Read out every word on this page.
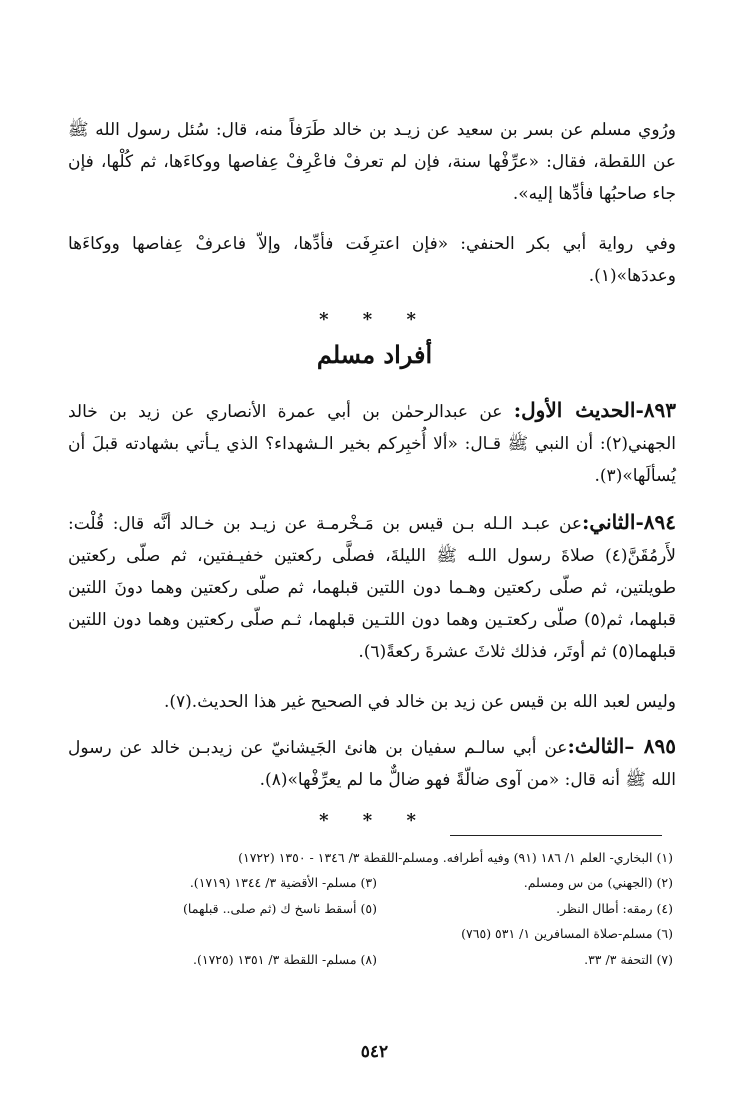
ورُوي مسلم عن بسر بن سعيد عن زيـد بن خالد طَرَفاً منه، قال: سُئل رسول الله ﷺ عن اللقطة، فقال: «عرِّفْها سنة، فإن لم تعرفْ فاعْرِفْ عِفاصها ووكاءَها، ثم كُلْها، فإن جاء صاحبُها فأدِّها إليه».
وفي رواية أبي بكر الحنفي: «فإن اعترِفَت فأدِّها، وإلاّ فاعرفْ عِفاصها ووكاءَها وعددَها»(١).
* * *
أفراد مسلم
٨٩٣-الحديث الأول: عن عبدالرحمٰن بن أبي عمرة الأنصاري عن زيد بن خالد الجهني(٢): أن النبي ﷺ قـال: «ألا أُخبِركم بخير الـشهداء؟ الذي يـأتي بشهادته قبلَ أن يُسألَها»(٣).
٨٩٤-الثاني:عن عبـد الـله بـن قيس بن مَـخْرمـة عن زيـد بن خـالد أنَّه قال: قُلْت: لأَرمُقَنَّ(٤) صلاةَ رسول اللـه ﷺ الليلةَ، فصلَّى ركعتين خفيـفتين، ثم صلّى ركعتين طويلتين، ثم صلّى ركعتين وهـما دون اللتين قبلهما، ثم صلّى ركعتين وهما دونَ اللتين قبلهما، ثم(٥) صلّى ركعتـين وهما دون اللتـين قبلهما، ثـم صلّى ركعتين وهما دون اللتين قبلهما(٥) ثم أوتَر، فذلك ثلاثَ عشرةَ ركعةً(٦).
وليس لعبد الله بن قيس عن زيد بن خالد في الصحيح غير هذا الحديث.(٧).
٨٩٥ –الثالث:عن أبي سالـم سفيان بن هانئ الجَيشانيّ عن زيدبـن خالد عن رسول الله ﷺ أنه قال: «من آوى ضالّةً فهو ضالٌّ ما لم يعرِّفْها»(٨).
* * *
(١) البخاري- العلم ١/ ١٨٦ (٩١) وفيه أطرافه. ومسلم-اللقطة ٣/ ١٣٤٦ - ١٣٥٠ (١٧٢٢)
(٢) (الجهني) من س ومسلم.
(٣) مسلم- الأقضية ٣/ ١٣٤٤ (١٧١٩).
(٤) رمقه: أطال النظر.
(٥) أسقط ناسخ ك (ثم صلى.. قبلهما)
(٦) مسلم-صلاة المسافرين ١/ ٥٣١ (٧٦٥)
(٧) التحفة ٣/ ٣٣.
(٨) مسلم- اللقطة ٣/ ١٣٥١ (١٧٢٥).
٥٤٢
